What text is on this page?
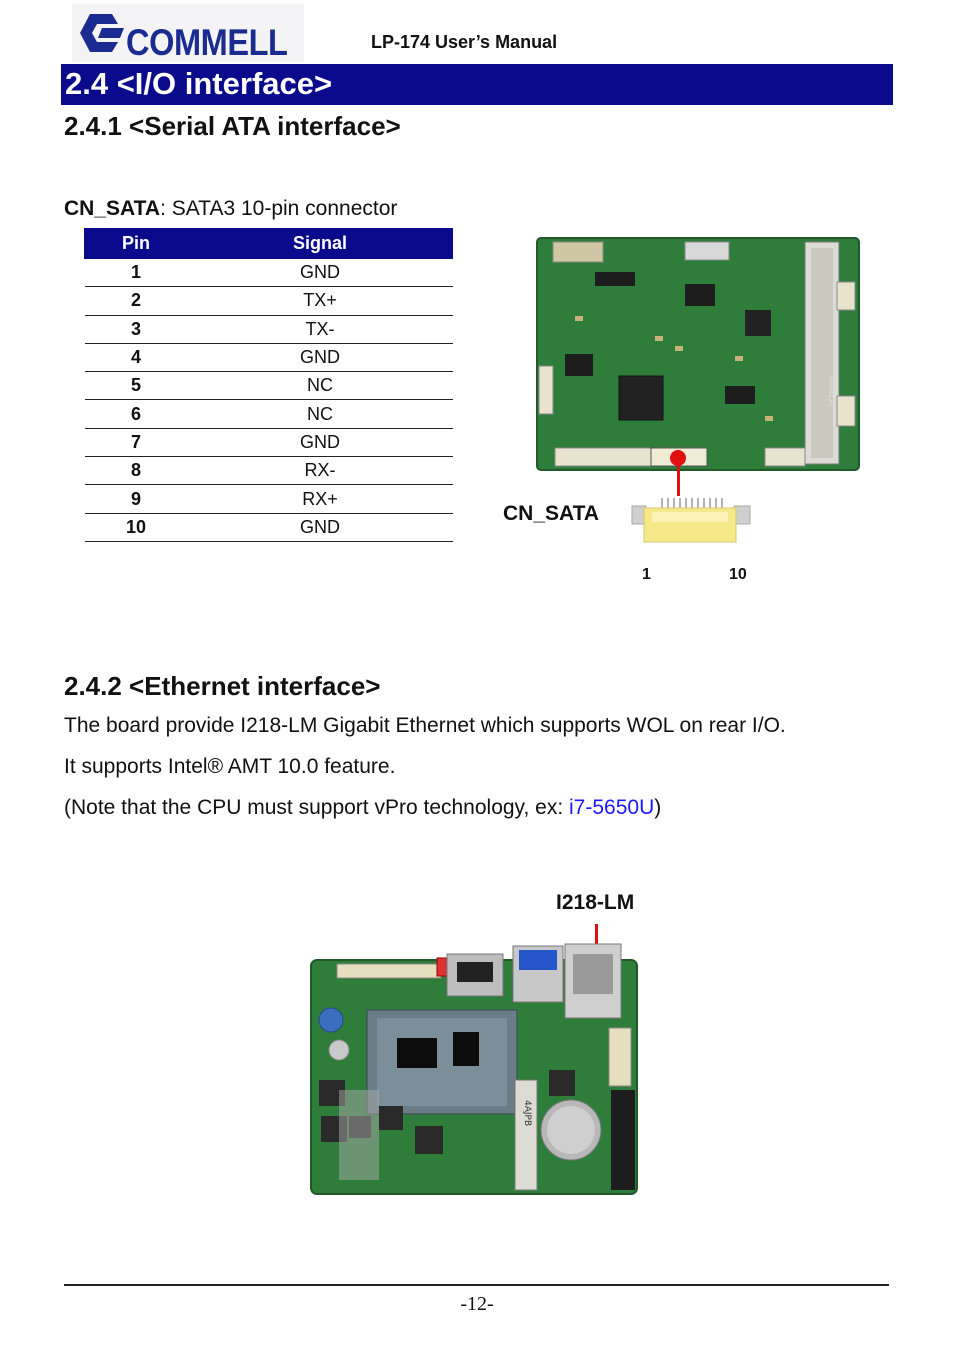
COMMELL	LP-174 User’s Manual
2.4 <I/O interface>
2.4.1 <Serial ATA interface>
CN_SATA: SATA3 10-pin connector
Pin	Signal
1	GND
2	TX+
3	TX-
4	GND
5	NC
6	NC
7	GND
8	RX-
9	RX+
10	GND
4ARLA
CN_SATA
1	10
2.4.2 <Ethernet interface>
The board provide I218-LM Gigabit Ethernet which supports WOL on rear I/O.
It supports Intel® AMT 10.0 feature.
(Note that the CPU must support vPro technology, ex: i7-5650U)
I218-LM
4AJPB
-12-
